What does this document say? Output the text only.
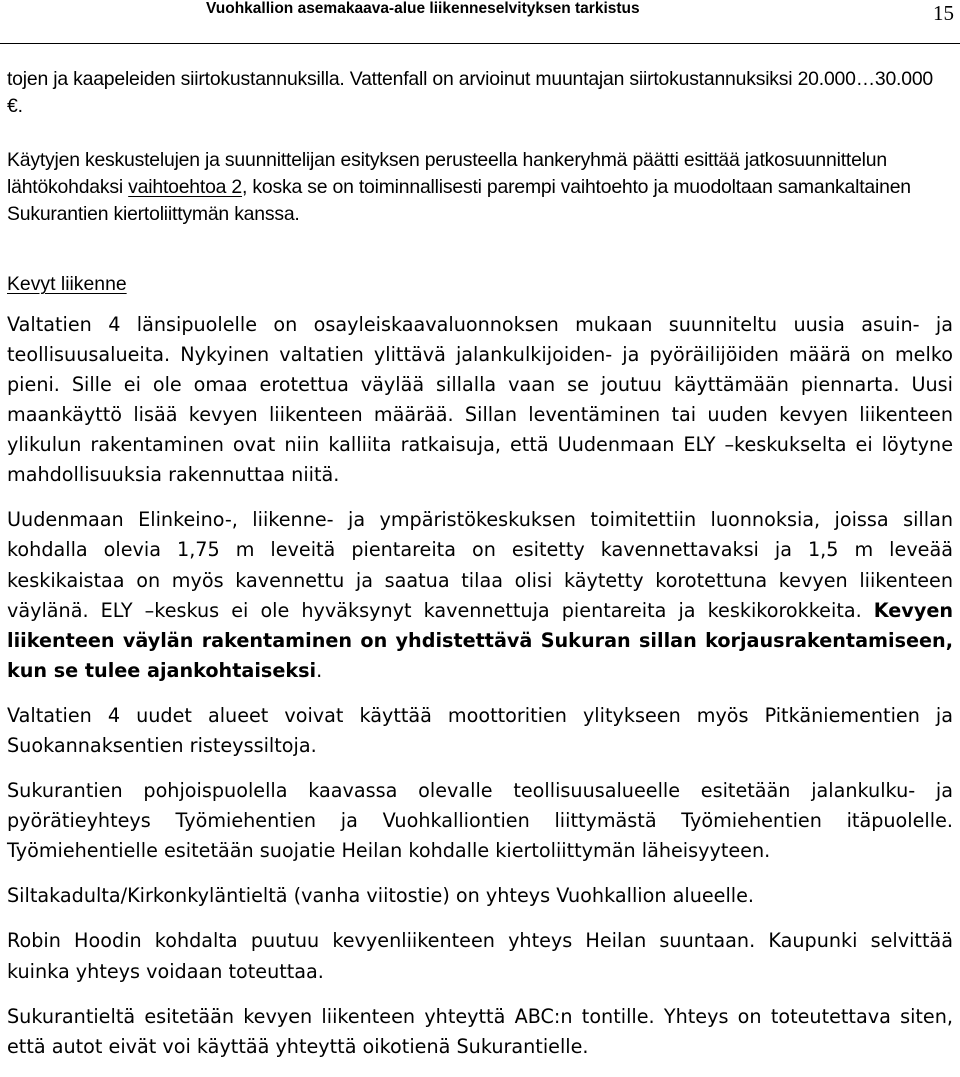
Vuohkallion asemakaava-alue liikenneselvityksen tarkistus	15

tojen ja kaapeleiden siirtokustannuksilla. Vattenfall on arvioinut muuntajan siirtokustannuksiksi 20.000…30.000 €.

Käytyjen keskustelujen ja suunnittelijan esityksen perusteella hankeryhmä päätti esittää jatkosuunnittelun lähtökohdaksi vaihtoehtoa 2, koska se on toiminnallisesti parempi vaihtoehto ja muodoltaan samankaltainen Sukurantien kiertoliittymän kanssa.

Kevyt liikenne

Valtatien 4 länsipuolelle on osayleiskaavaluonnoksen mukaan suunniteltu uusia asuin- ja teollisuusalueita. Nykyinen valtatien ylittävä jalankulkijoiden- ja pyöräilijöiden määrä on melko pieni. Sille ei ole omaa erotettua väylää sillalla vaan se joutuu käyttämään piennarta. Uusi maankäyttö lisää kevyen liikenteen määrää. Sillan leventäminen tai uuden kevyen liikenteen ylikulun rakentaminen ovat niin kalliita ratkaisuja, että Uudenmaan ELY –keskukselta ei löytyne mahdollisuuksia rakennuttaa niitä.

Uudenmaan Elinkeino-, liikenne- ja ympäristökeskuksen toimitettiin luonnoksia, joissa sillan kohdalla olevia 1,75 m leveitä pientareita on esitetty kavennettavaksi ja 1,5 m leveää keskikaistaa on myös kavennettu ja saatua tilaa olisi käytetty korotettuna kevyen liikenteen väylänä. ELY –keskus ei ole hyväksynyt kavennettuja pientareita ja keskikorokkeita. Kevyen liikenteen väylän rakentaminen on yhdistettävä Sukuran sillan korjausrakentamiseen, kun se tulee ajankohtaiseksi.

Valtatien 4 uudet alueet voivat käyttää moottoritien ylitykseen myös Pitkäniementien ja Suokannaksentien risteyssiltoja.

Sukurantien pohjoispuolella kaavassa olevalle teollisuusalueelle esitetään jalankulku- ja pyörätieyhteys Työmiehentien ja Vuohkalliontien liittymästä Työmiehentien itäpuolelle. Työmiehentielle esitetään suojatie Heilan kohdalle kiertoliittymän läheisyyteen.

Siltakadulta/Kirkonkyläntieltä (vanha viitostie) on yhteys Vuohkallion alueelle.

Robin Hoodin kohdalta puutuu kevyenliikenteen yhteys Heilan suuntaan. Kaupunki selvittää kuinka yhteys voidaan toteuttaa.

Sukurantieltä esitetään kevyen liikenteen yhteyttä ABC:n tontille. Yhteys on toteutettava siten, että autot eivät voi käyttää yhteyttä oikotienä Sukurantielle.
